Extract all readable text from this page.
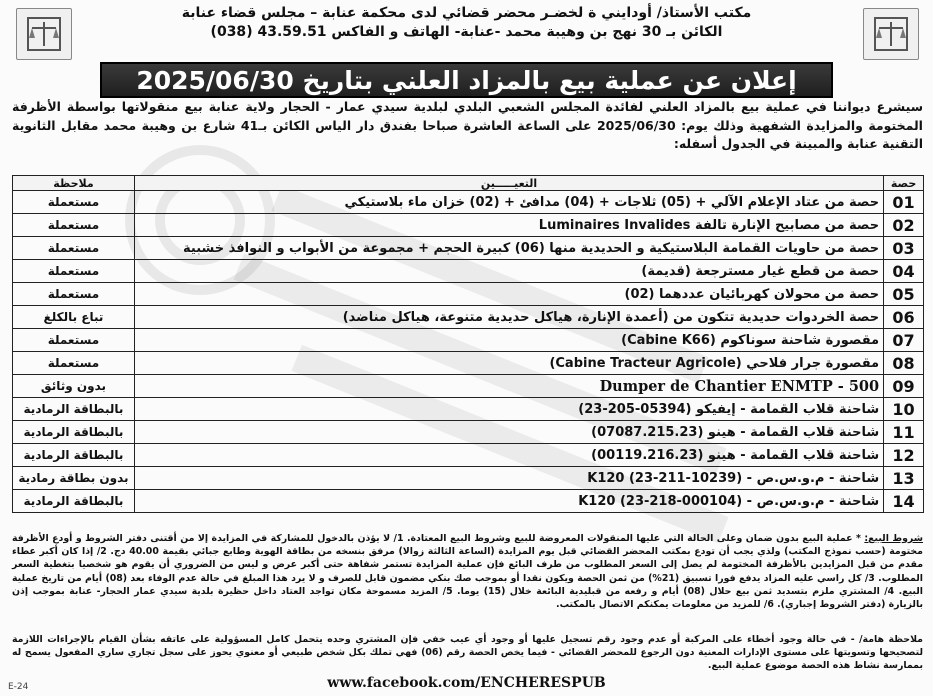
مكتب الأستاذ/ أودايني ة لخضـر محضر قضائي لدى محكمة عنابة – مجلس قضاء عنابة
الكائن بـ 30 نهج بن وهيبة محمد -عنابة- الهاتف و الفاكس 43.59.51 (038)
إعلان عن عملية بيع بالمزاد العلني بتاريخ 2025/06/30
سيشرع ديواننا في عملية بيع بالمزاد العلني لفائدة المجلس الشعبي البلدي لبلدية سيدي عمار - الحجار ولاية عنابة بيع منقولاتها بواسطة الأظرفة المختومة والمزايدة الشفهية وذلك يوم: 2025/06/30 على الساعة العاشرة صباحا بفندق دار الياس الكائن بـ41 شارع بن وهيبة محمد مقابل الثانوية التقنية عنابة والمبينة في الجدول أسفله:
حصة	التعيـــــين	ملاحظة
01	حصة من عتاد الإعلام الآلي + (05) ثلاجات + (04) مدافئ + (02) خزان ماء بلاستيكي	مستعملة
02	حصة من مصابيح الإنارة تالفة Luminaires Invalides	مستعملة
03	حصة من حاويات القمامة البلاستيكية و الحديدية منها (06) كبيرة الحجم + مجموعة من الأبواب و النوافذ خشبية	مستعملة
04	حصة من قطع غيار مسترجعة (قديمة)	مستعملة
05	حصة من محولان كهربائيان عددهما (02)	مستعملة
06	حصة الخردوات حديدية تتكون من (أعمدة الإنارة، هياكل حديدية متنوعة، هياكل مناضد)	تباع بالكلغ
07	مقصورة شاحنة سوناكوم (Cabine K66)	مستعملة
08	مقصورة جرار فلاحي (Cabine Tracteur Agricole)	مستعملة
09	Dumper de Chantier ENMTP - 500	بدون وثائق
10	شاحنة قلاب القمامة - إيفيكو (05394-205-23)	بالبطاقة الرمادية
11	شاحنة قلاب القمامة - هينو (07087.215.23)	بالبطاقة الرمادية
12	شاحنة قلاب القمامة - هينو (00119.216.23)	بالبطاقة الرمادية
13	شاحنة - م.و.س.ص - (K120 (23-211-10239	بدون بطاقة رمادية
14	شاحنة - م.و.س.ص - (K120 (23-218-000104	بالبطاقة الرمادية
شروط البيع: * عملية البيع بدون ضمان وعلى الحالة التي عليها المنقولات المعروضة للبيع وشروط البيع المعتادة. 1/ لا يؤذن بالدخول للمشاركة في المزايدة إلا من أقتنى دفتر الشروط و أودع الأظرفة مختومة (حسب نموذج المكتب) ولذي يجب أن تودع بمكتب المحضر القضائي قبل يوم المزايدة (الساعة الثالثة زوالا) مرفق بنسخه من بطاقة الهوية وطابع جبائي بقيمة 40.00 دج. 2/ إذا كان أكبر عطاء مقدم من قبل المزايدين بالأظرفة المختومة لم يصل إلى السعر المطلوب من طرف البائع فإن عملية المزايدة تستمر شفاهة حتى أكبر عرض و ليس من الضروري أن يقوم هو شخصيا بتغطية السعر المطلوب. 3/ كل راسي عليه المزاد يدفع فورا تسبيق (21%) من ثمن الحصة ويكون نقدا أو بموجب صك بنكي مضمون قابل للصرف و لا يرد هذا المبلغ في حالة عدم الوفاء بعد (08) أيام من تاريخ عملية البيع. 4/ المشتري ملزم بتسديد ثمن بيع حلال (08) أيام و رفعه من قبليدية البائعة خلال (15) يوما. 5/ المزيد مسموحة مكان تواجد العتاد داخل حظيرة بلدية سيدي عمار الحجار- عنابة بموجب إذن بالزيارة (دفتر الشروط إجباري). 6/ للمزيد من معلومات يمكنكم الاتصال بالمكتب.
ملاحظة هامة/ - في حالة وجود أخطاء على المركبة أو عدم وجود رقم تسجيل عليها أو وجود أي عيب خفي فإن المشتري وحده يتحمل كامل المسؤولية على عاتقه بشأن القيام بالإجراءات اللازمة لتصحيحها وتسويتها على مستوى الإدارات المعنية دون الرجوع للمحضر القضائي - فيما يخص الحصة رقم (06) فهي تملك بكل شخص طبيعي أو معنوي يحوز على سجل تجاري ساري المفعول يسمح له بممارسة نشاط هذه الحصة موضوع عملية البيع.
E-24	www.facebook.com/ENCHERESPUB
